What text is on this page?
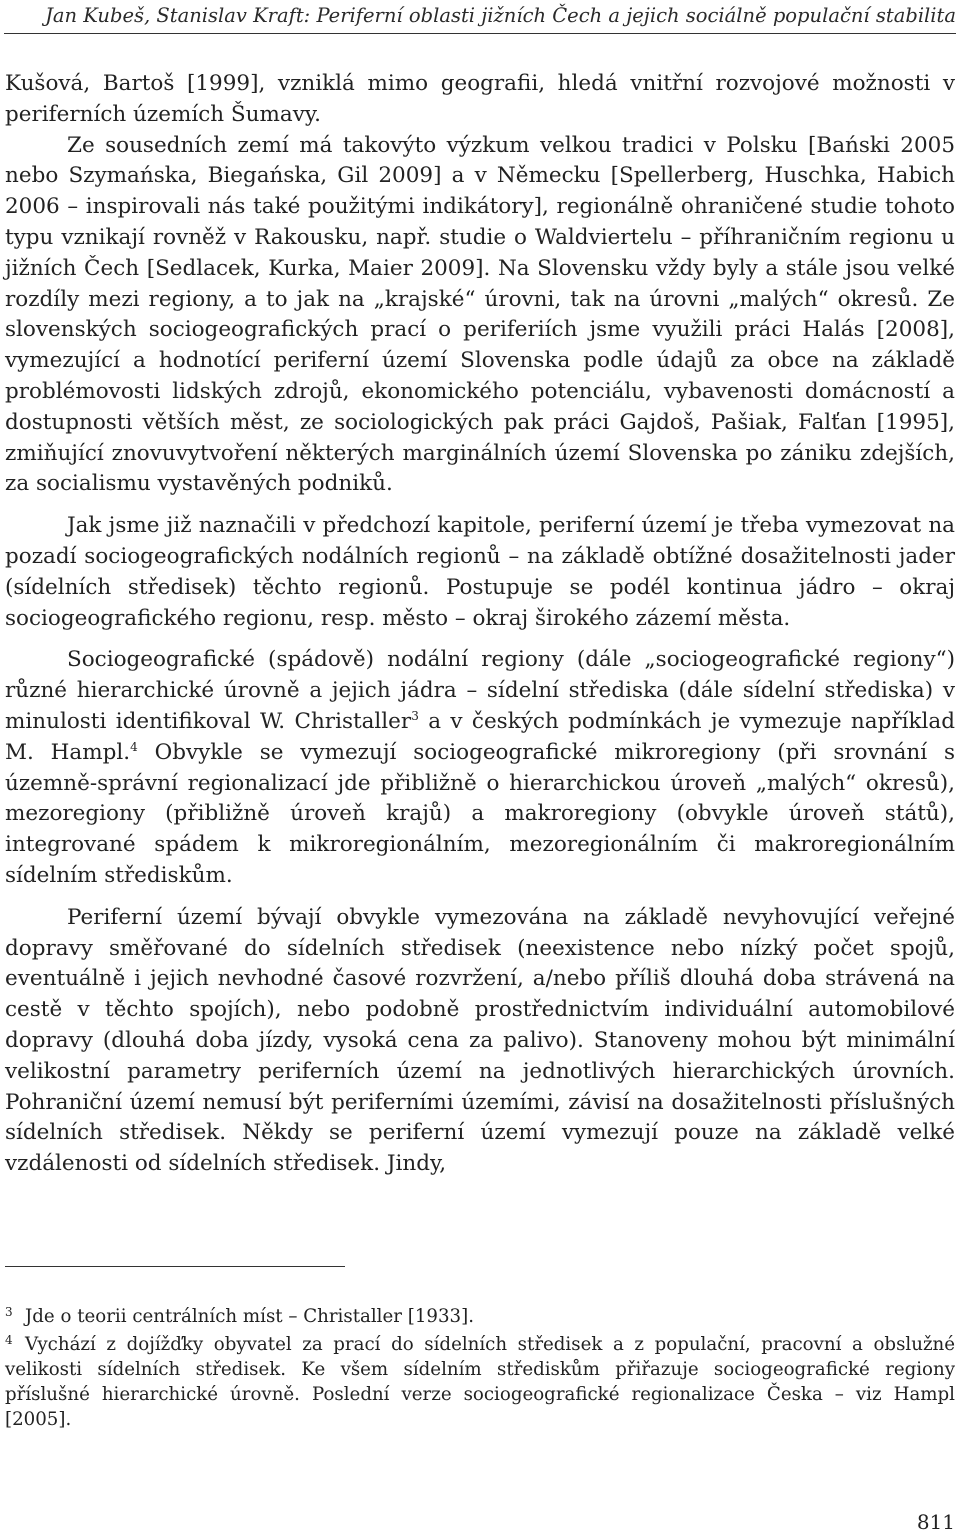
Jan Kubeš, Stanislav Kraft: Periferní oblasti jižních Čech a jejich sociálně populační stabilita

Kušová, Bartoš [1999], vzniklá mimo geografii, hledá vnitřní rozvojové možnosti v periferních územích Šumavy.

Ze sousedních zemí má takovýto výzkum velkou tradici v Polsku [Bański 2005 nebo Szymańska, Biegańska, Gil 2009] a v Německu [Spellerberg, Huschka, Habich 2006 – inspirovali nás také použitými indikátory], regionálně ohraničené studie tohoto typu vznikají rovněž v Rakousku, např. studie o Waldviertelu – příhraničním regionu u jižních Čech [Sedlacek, Kurka, Maier 2009]. Na Slovensku vždy byly a stále jsou velké rozdíly mezi regiony, a to jak na „krajské“ úrovni, tak na úrovni „malých“ okresů. Ze slovenských sociogeografických prací o periferiích jsme využili práci Halás [2008], vymezující a hodnotící periferní území Slovenska podle údajů za obce na základě problémovosti lidských zdrojů, ekonomického potenciálu, vybavenosti domácností a dostupnosti větších měst, ze sociologických pak práci Gajdoš, Pašiak, Falťan [1995], zmiňující znovuvytvoření některých marginálních území Slovenska po zániku zdejších, za socialismu vystavěných podniků.

Jak jsme již naznačili v předchozí kapitole, periferní území je třeba vymezovat na pozadí sociogeografických nodálních regionů – na základě obtížné dosažitelnosti jader (sídelních středisek) těchto regionů. Postupuje se podél kontinua jádro – okraj sociogeografického regionu, resp. město – okraj širokého zázemí města.

Sociogeografické (spádově) nodální regiony (dále „sociogeografické regiony“) různé hierarchické úrovně a jejich jádra – sídelní střediska (dále sídelní střediska) v minulosti identifikoval W. Christaller$^3$ a v českých podmínkách je vymezuje například M. Hampl.$^4$ Obvykle se vymezují sociogeografické mikroregiony (při srovnání s územně-správní regionalizací jde přibližně o hierarchickou úroveň „malých“ okresů), mezoregiony (přibližně úroveň krajů) a makroregiony (obvykle úroveň států), integrované spádem k mikroregionálním, mezoregionálním či makroregionálním sídelním střediskům.

Periferní území bývají obvykle vymezována na základě nevyhovující veřejné dopravy směřované do sídelních středisek (neexistence nebo nízký počet spojů, eventuálně i jejich nevhodné časové rozvržení, a/nebo příliš dlouhá doba strávená na cestě v těchto spojích), nebo podobně prostřednictvím individuální automobilové dopravy (dlouhá doba jízdy, vysoká cena za palivo). Stanoveny mohou být minimální velikostní parametry periferních území na jednotlivých hierarchických úrovních. Pohraniční území nemusí být periferními územími, závisí na dosažitelnosti příslušných sídelních středisek. Někdy se periferní území vymezují pouze na základě velké vzdálenosti od sídelních středisek. Jindy,

3 Jde o teorii centrálních míst – Christaller [1933].

4 Vychází z dojížďky obyvatel za prací do sídelních středisek a z populační, pracovní a obslužné velikosti sídelních středisek. Ke všem sídelním střediskům přiřazuje sociogeografické regiony příslušné hierarchické úrovně. Poslední verze sociogeografické regionalizace Česka – viz Hampl [2005].

811
